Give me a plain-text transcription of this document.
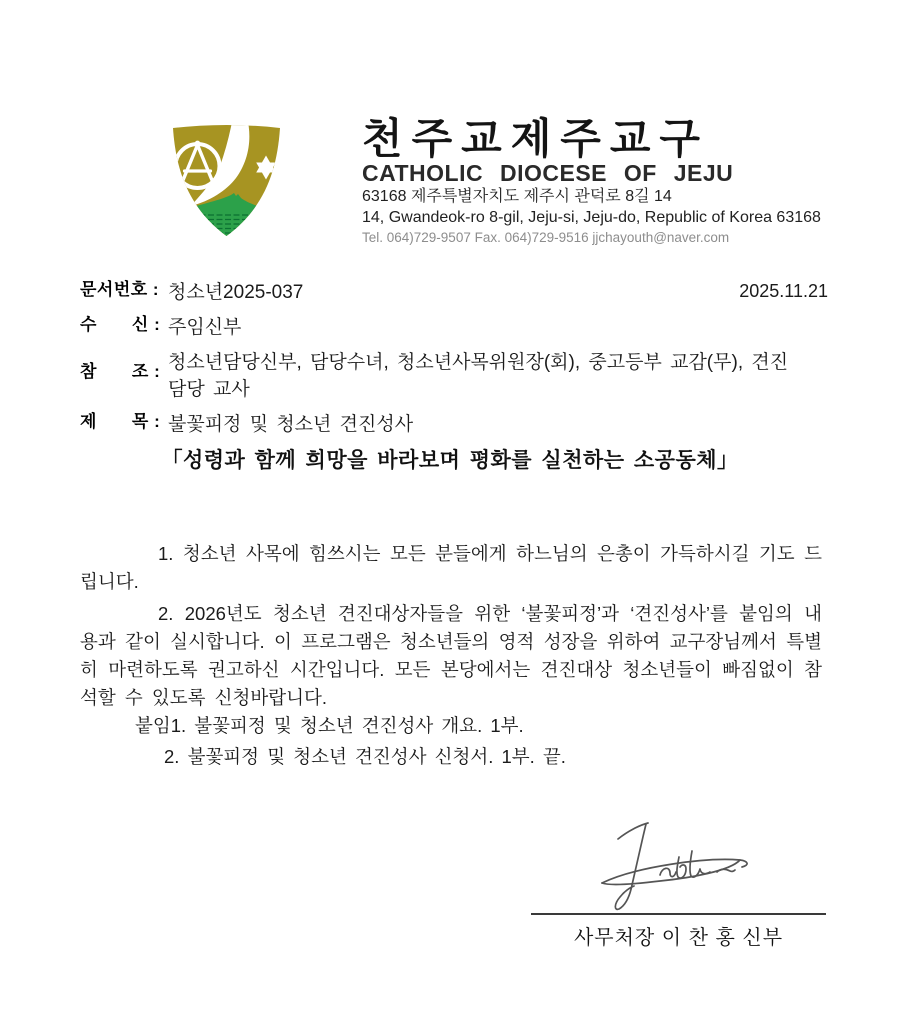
천주교제주교구
CATHOLIC DIOCESE OF JEJU
63168 제주특별자치도 제주시 관덕로 8길 14
14, Gwandeok-ro 8-gil, Jeju-si, Jeju-do, Republic of Korea 63168
Tel. 064)729-9507 Fax. 064)729-9516 jjchayouth@naver.com
문서번호 : 청소년2025-037
수　　신 : 주임신부
참　　조 : 청소년담당신부, 담당수녀, 청소년사목위원장(회), 중고등부 교감(무), 견진
담당 교사
제　　목 : 불꽃피정 및 청소년 견진성사
2025.11.21
「성령과 함께 희망을 바라보며 평화를 실천하는 소공동체」

1. 청소년 사목에 힘쓰시는 모든 분들에게 하느님의 은총이 가득하시길 기도 드립니다.

2. 2026년도 청소년 견진대상자들을 위한 ‘불꽃피정’과 ‘견진성사’를 붙임의 내용과 같이 실시합니다. 이 프로그램은 청소년들의 영적 성장을 위하여 교구장님께서 특별히 마련하도록 권고하신 시간입니다. 모든 본당에서는 견진대상 청소년들이 빠짐없이 참석할 수 있도록 신청바랍니다.

붙임1. 불꽃피정 및 청소년 견진성사 개요. 1부.
2. 불꽃피정 및 청소년 견진성사 신청서. 1부. 끝.
사무처장 이 찬 홍 신부
